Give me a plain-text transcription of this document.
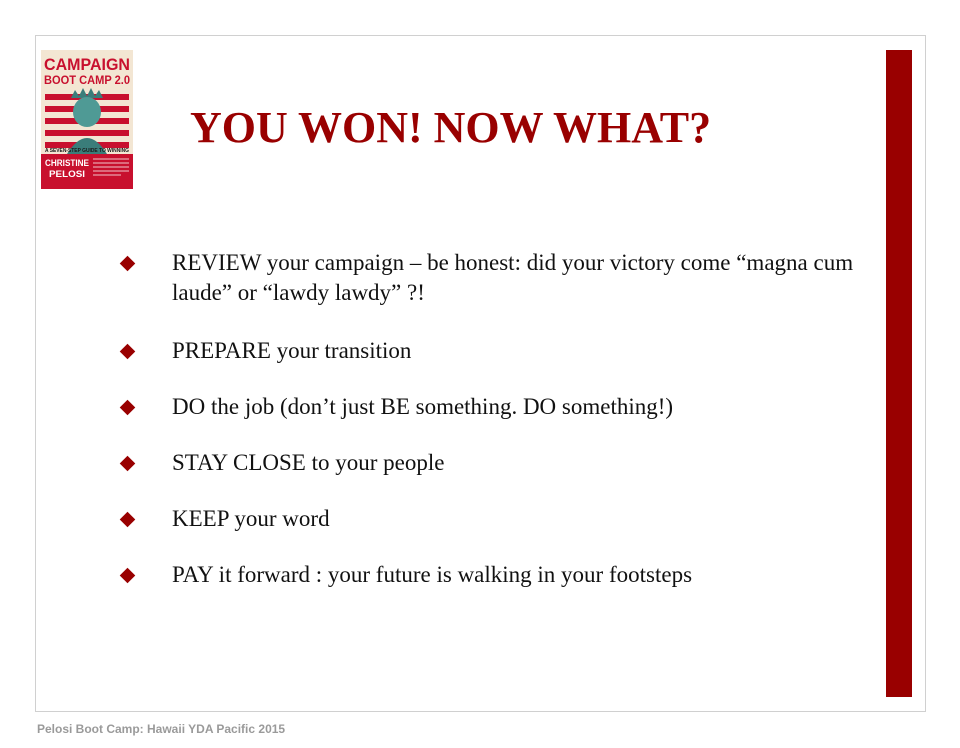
CAMPAIGN
BOOT CAMP 2.0
A SEVEN-STEP GUIDE TO WINNING
CHRISTINE
PELOSI
YOU WON! NOW WHAT?
REVIEW your campaign – be honest: did your victory come “magna cum laude” or “lawdy lawdy” ?!
PREPARE your transition
DO the job (don’t just BE something. DO something!)
STAY CLOSE to your people
KEEP your word
PAY it forward : your future is walking in your footsteps
Pelosi Boot Camp: Hawaii YDA Pacific 2015
